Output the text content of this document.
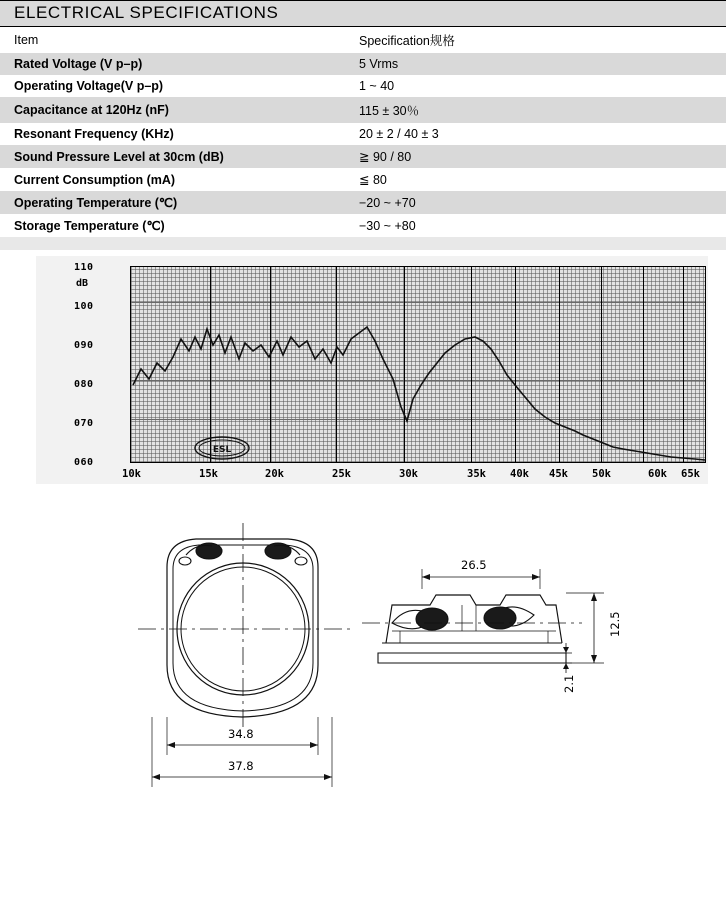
ELECTRICAL SPECIFICATIONS
Item	Specification规格
Rated Voltage (V p–p)	5 Vrms
Operating Voltage(V p–p)	1 ~ 40
Capacitance at 120Hz (nF)	115 ± 30％
Resonant Frequency (KHz)	20 ± 2 / 40 ± 3
Sound Pressure Level at 30cm (dB)	≧ 90 / 80
Current Consumption (mA)	≦ 80
Operating Temperature (℃)	−20 ~ +70
Storage Temperature (℃)	−30 ~ +80
dB
110
100
090
080
070
060
ESL
10k	15k	20k	25k	30k	35k 40k 45k 50k	60k 65k
34.8
37.8
26.5
12.5
2.1
